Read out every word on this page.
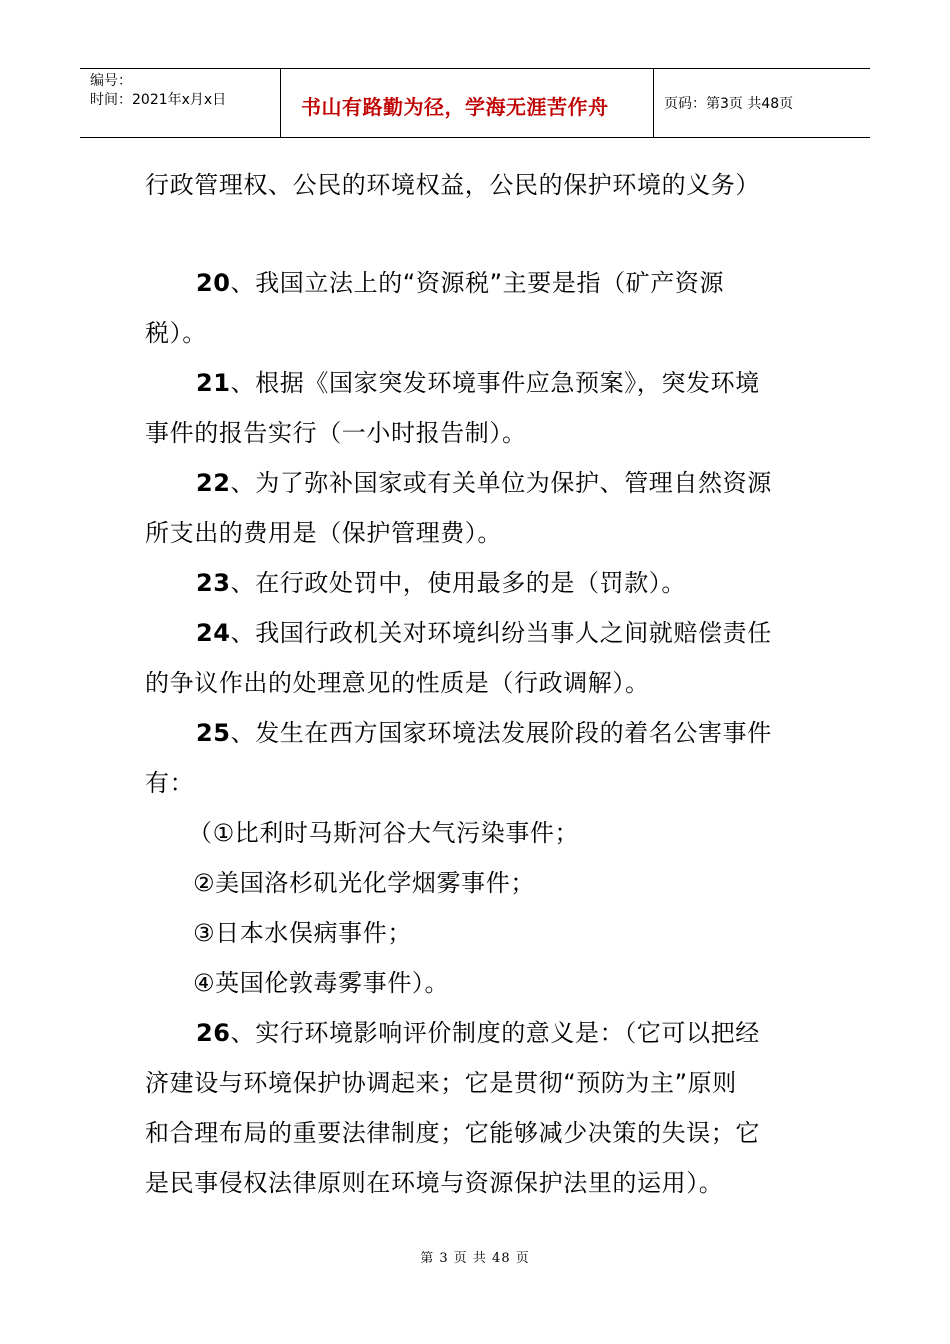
编号：
时间：2021年x月x日	书山有路勤为径，学海无涯苦作舟	页码：第3页 共48页
行政管理权、公民的环境权益，公民的保护环境的义务）
20、我国立法上的“资源税”主要是指（矿产资源
税）。
21、根据《国家突发环境事件应急预案》，突发环境
事件的报告实行（一小时报告制）。
22、为了弥补国家或有关单位为保护、管理自然资源
所支出的费用是（保护管理费）。
23、在行政处罚中，使用最多的是（罚款）。
24、我国行政机关对环境纠纷当事人之间就赔偿责任
的争议作出的处理意见的性质是（行政调解）。
25、发生在西方国家环境法发展阶段的着名公害事件
有：
（①比利时马斯河谷大气污染事件；
②美国洛杉矶光化学烟雾事件；
③日本水俣病事件；
④英国伦敦毒雾事件）。
26、实行环境影响评价制度的意义是：（它可以把经
济建设与环境保护协调起来；它是贯彻“预防为主”原则
和合理布局的重要法律制度；它能够减少决策的失误；它
是民事侵权法律原则在环境与资源保护法里的运用）。
第 3 页 共 48 页
